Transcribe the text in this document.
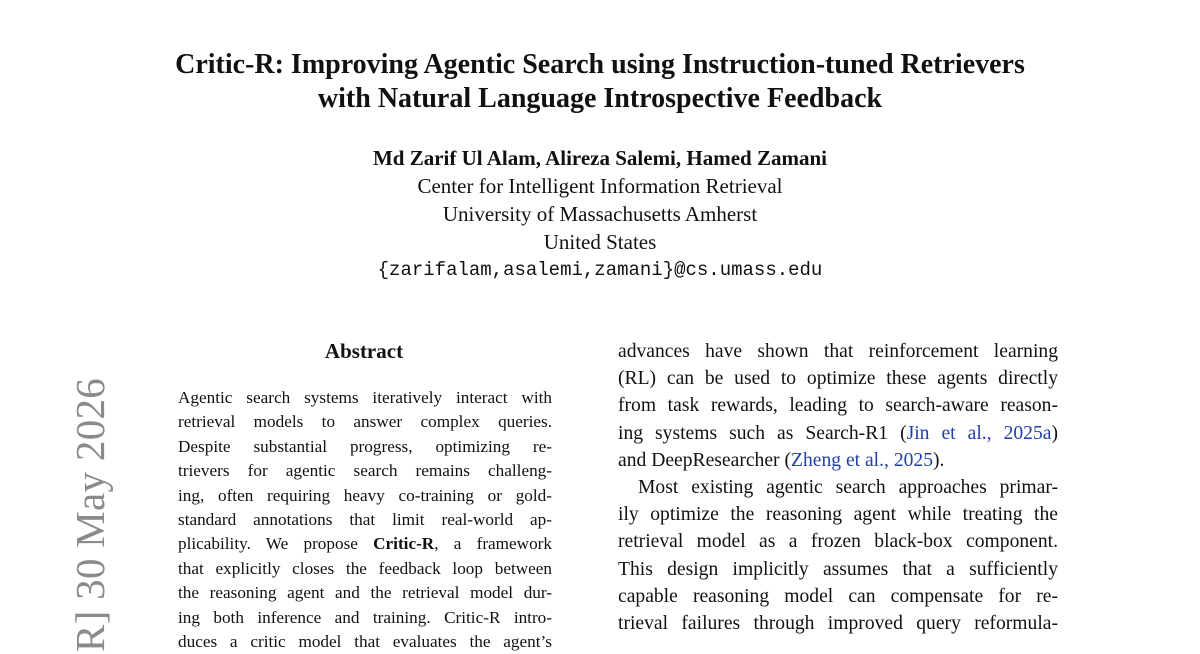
R] 30 May 2026
Critic-R: Improving Agentic Search using Instruction-tuned Retrievers
with Natural Language Introspective Feedback
Md Zarif Ul Alam, Alireza Salemi, Hamed Zamani
Center for Intelligent Information Retrieval
University of Massachusetts Amherst
United States
{zarifalam,asalemi,zamani}@cs.umass.edu
Abstract
Agentic search systems iteratively interact with
retrieval models to answer complex queries.
Despite substantial progress, optimizing re-
trievers for agentic search remains challeng-
ing, often requiring heavy co-training or gold-
standard annotations that limit real-world ap-
plicability. We propose Critic-R, a framework
that explicitly closes the feedback loop between
the reasoning agent and the retrieval model dur-
ing both inference and training. Critic-R intro-
duces a critic model that evaluates the agent’s
advances have shown that reinforcement learning
(RL) can be used to optimize these agents directly
from task rewards, leading to search-aware reason-
ing systems such as Search-R1 (Jin et al., 2025a)
and DeepResearcher (Zheng et al., 2025).
Most existing agentic search approaches primar-
ily optimize the reasoning agent while treating the
retrieval model as a frozen black-box component.
This design implicitly assumes that a sufficiently
capable reasoning model can compensate for re-
trieval failures through improved query reformula-
